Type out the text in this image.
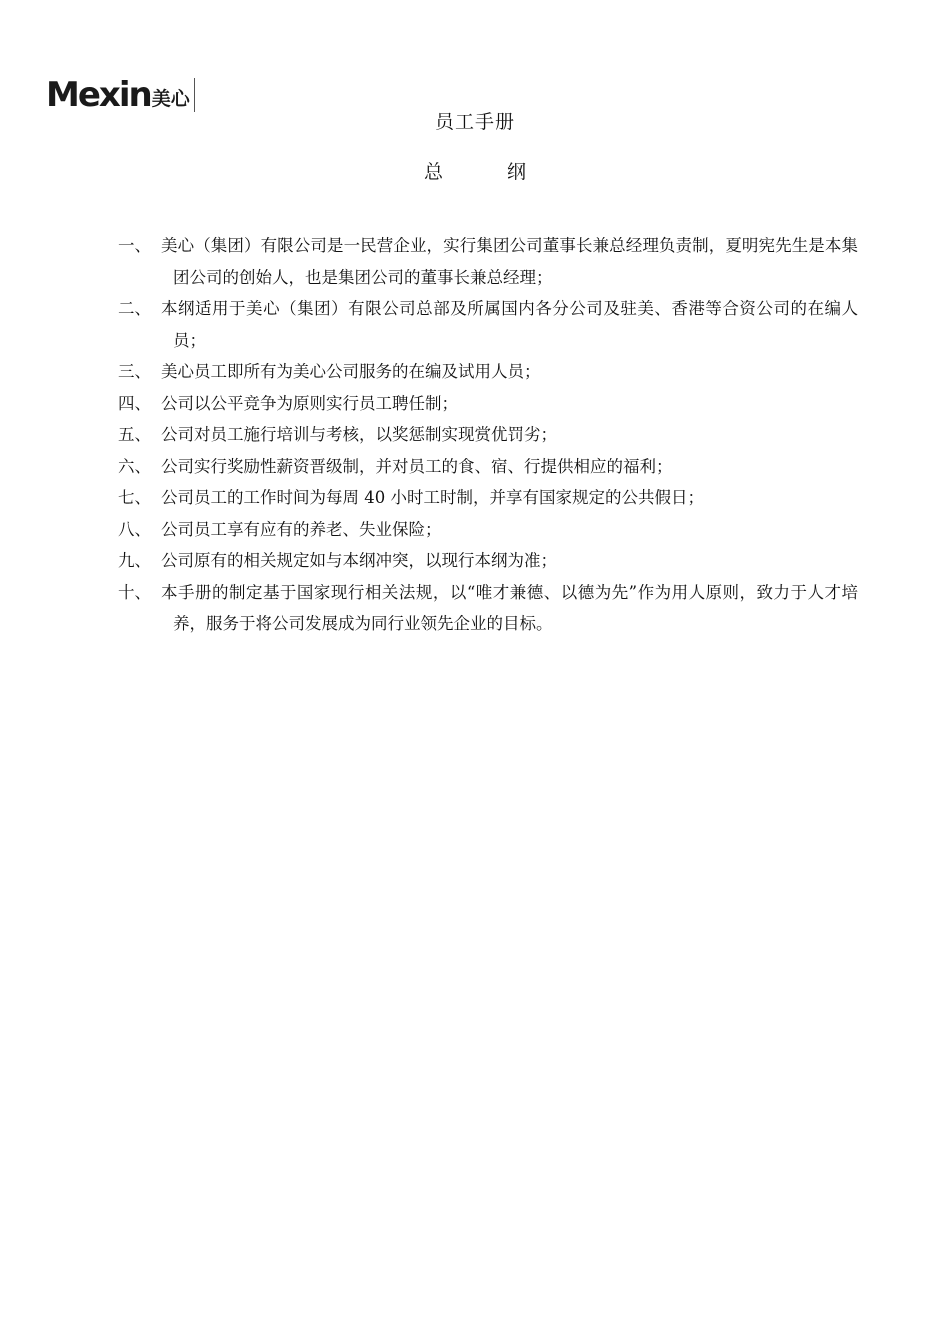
Mexin 美心
员工手册
总 纲
一、 美心（集团）有限公司是一民营企业，实行集团公司董事长兼总经理负责制，夏明宪先生是本集团公司的创始人，也是集团公司的董事长兼总经理；
二、 本纲适用于美心（集团）有限公司总部及所属国内各分公司及驻美、香港等合资公司的在编人员；
三、 美心员工即所有为美心公司服务的在编及试用人员；
四、 公司以公平竞争为原则实行员工聘任制；
五、 公司对员工施行培训与考核，以奖惩制实现赏优罚劣；
六、 公司实行奖励性薪资晋级制，并对员工的食、宿、行提供相应的福利；
七、 公司员工的工作时间为每周 40 小时工时制，并享有国家规定的公共假日；
八、 公司员工享有应有的养老、失业保险；
九、 公司原有的相关规定如与本纲冲突，以现行本纲为准；
十、 本手册的制定基于国家现行相关法规，以“唯才兼德、以德为先”作为用人原则，致力于人才培养，服务于将公司发展成为同行业领先企业的目标。
